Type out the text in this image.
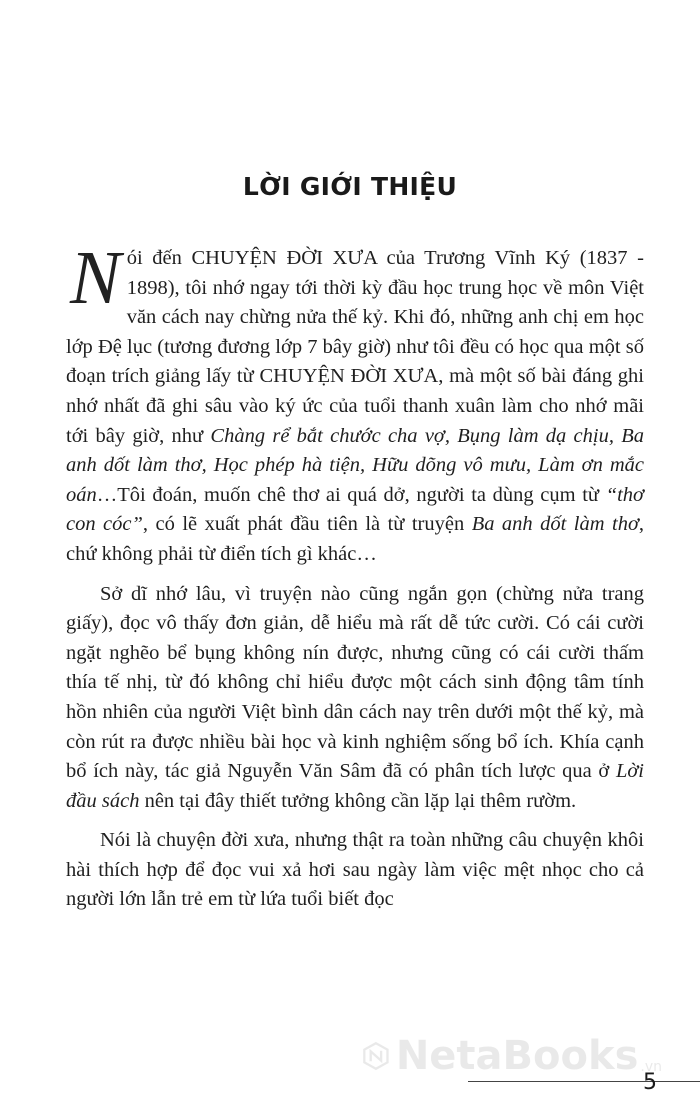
LỜI GIỚI THIỆU

Nói đến CHUYỆN ĐỜI XƯA của Trương Vĩnh Ký (1837 - 1898), tôi nhớ ngay tới thời kỳ đầu học trung học về môn Việt văn cách nay chừng nửa thế kỷ. Khi đó, những anh chị em học lớp Đệ lục (tương đương lớp 7 bây giờ) như tôi đều có học qua một số đoạn trích giảng lấy từ CHUYỆN ĐỜI XƯA, mà một số bài đáng ghi nhớ nhất đã ghi sâu vào ký ức của tuổi thanh xuân làm cho nhớ mãi tới bây giờ, như Chàng rể bắt chước cha vợ, Bụng làm dạ chịu, Ba anh dốt làm thơ, Học phép hà tiện, Hữu dõng vô mưu, Làm ơn mắc oán…Tôi đoán, muốn chê thơ ai quá dở, người ta dùng cụm từ “thơ con cóc”, có lẽ xuất phát đầu tiên là từ truyện Ba anh dốt làm thơ, chứ không phải từ điển tích gì khác…

Sở dĩ nhớ lâu, vì truyện nào cũng ngắn gọn (chừng nửa trang giấy), đọc vô thấy đơn giản, dễ hiểu mà rất dễ tức cười. Có cái cười ngặt nghẽo bể bụng không nín được, nhưng cũng có cái cười thấm thía tế nhị, từ đó không chỉ hiểu được một cách sinh động tâm tính hồn nhiên của người Việt bình dân cách nay trên dưới một thế kỷ, mà còn rút ra được nhiều bài học và kinh nghiệm sống bổ ích. Khía cạnh bổ ích này, tác giả Nguyễn Văn Sâm đã có phân tích lược qua ở Lời đầu sách nên tại đây thiết tưởng không cần lặp lại thêm rườm.

Nói là chuyện đời xưa, nhưng thật ra toàn những câu chuyện khôi hài thích hợp để đọc vui xả hơi sau ngày làm việc mệt nhọc cho cả người lớn lẫn trẻ em từ lứa tuổi biết đọc

NetaBooks .vn
5
